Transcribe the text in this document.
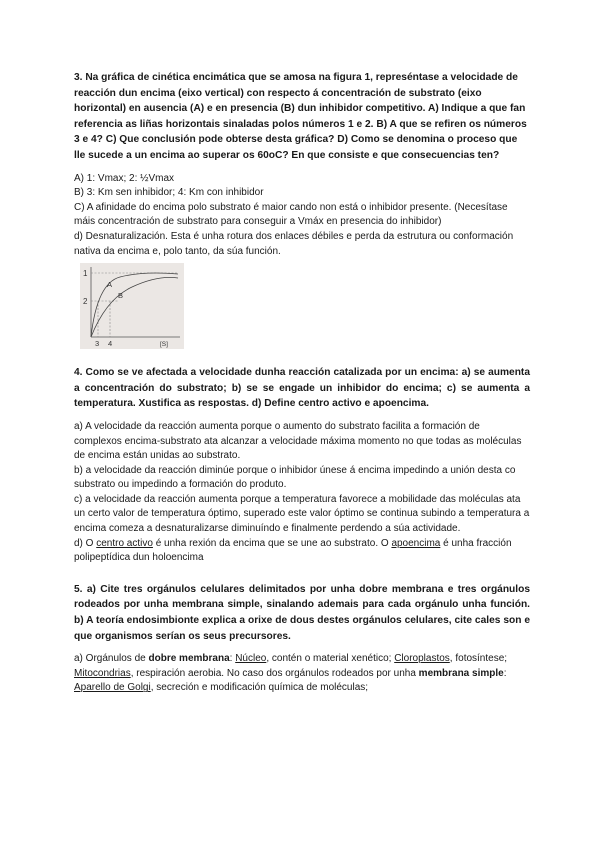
3. Na gráfica de cinética encimática que se amosa na figura 1, represéntase a velocidade de reacción dun encima (eixo vertical) con respecto á concentración de substrato (eixo horizontal) en ausencia (A) e en presencia (B) dun inhibidor competitivo. A) Indique a que fan referencia as liñas horizontais sinaladas polos números 1 e 2. B) A que se refiren os números 3 e 4? C) Que conclusión pode obterse desta gráfica? D) Como se denomina o proceso que lle sucede a un encima ao superar os 60oC? En que consiste e que consecuencias ten?

A) 1: Vmax; 2: ½Vmax

B) 3: Km sen inhibidor; 4: Km con inhibidor

C) A afinidade do encima polo substrato é maior cando non está o inhibidor presente. (Necesítase máis concentración de substrato para conseguir a Vmáx en presencia do inhibidor)

d) Desnaturalización. Esta é unha rotura dos enlaces débiles e perda da estrutura ou conformación nativa da encima e, polo tanto, da súa función.

1
2
3 4
A
B
[S]

4. Como se ve afectada a velocidade dunha reacción catalizada por un encima: a) se aumenta a concentración do substrato; b) se se engade un inhibidor do encima; c) se aumenta a temperatura. Xustifica as respostas. d) Define centro activo e apoencima.

a) A velocidade da reacción aumenta porque o aumento do substrato facilita a formación de complexos encima-substrato ata alcanzar a velocidade máxima momento no que todas as moléculas de encima están unidas ao substrato.

b) a velocidade da reacción diminúe porque o inhibidor únese á encima impedindo a unión desta co substrato ou impedindo a formación do produto.

c) a velocidade da reacción aumenta porque a temperatura favorece a mobilidade das moléculas ata un certo valor de temperatura óptimo, superado este valor óptimo se continua subindo a temperatura a encima comeza a desnaturalizarse diminuíndo e finalmente perdendo a súa actividade.

d) O centro activo é unha rexión da encima que se une ao substrato. O apoencima é unha fracción polipeptídica dun holoencima

5. a) Cite tres orgánulos celulares delimitados por unha dobre membrana e tres orgánulos rodeados por unha membrana simple, sinalando ademais para cada orgánulo unha función. b) A teoría endosimbionte explica a orixe de dous destes orgánulos celulares, cite cales son e que organismos serían os seus precursores.

a) Orgánulos de dobre membrana: Núcleo, contén o material xenético; Cloroplastos, fotosíntese; Mitocondrias, respiración aerobia. No caso dos orgánulos rodeados por unha membrana simple: Aparello de Golgi, secreción e modificación química de moléculas;
